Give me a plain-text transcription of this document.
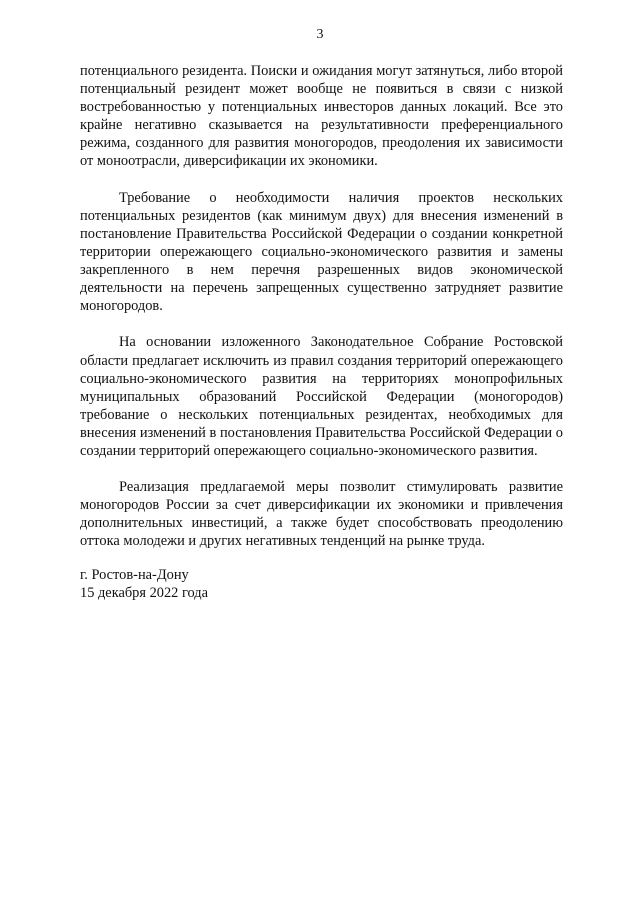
3

потенциального резидента. Поиски и ожидания могут затянуться, либо второй потенциальный резидент может вообще не появиться в связи с низкой востребованностью у потенциальных инвесторов данных локаций. Все это крайне негативно сказывается на результативности преференциального режима, созданного для развития моногородов, преодоления их зависимости от моноотрасли, диверсификации их экономики.

Требование о необходимости наличия проектов нескольких потенциальных резидентов (как минимум двух) для внесения изменений в постановление Правительства Российской Федерации о создании конкретной территории опережающего социально-экономического развития и замены закрепленного в нем перечня разрешенных видов экономической деятельности на перечень запрещенных существенно затрудняет развитие моногородов.

На основании изложенного Законодательное Собрание Ростовской области предлагает исключить из правил создания территорий опережающего социально-экономического развития на территориях монопрофильных муниципальных образований Российской Федерации (моногородов) требование о нескольких потенциальных резидентах, необходимых для внесения изменений в постановления Правительства Российской Федерации о создании территорий опережающего социально-экономического развития.

Реализация предлагаемой меры позволит стимулировать развитие моногородов России за счет диверсификации их экономики и привлечения дополнительных инвестиций, а также будет способствовать преодолению оттока молодежи и других негативных тенденций на рынке труда.

г. Ростов-на-Дону
15 декабря 2022 года
